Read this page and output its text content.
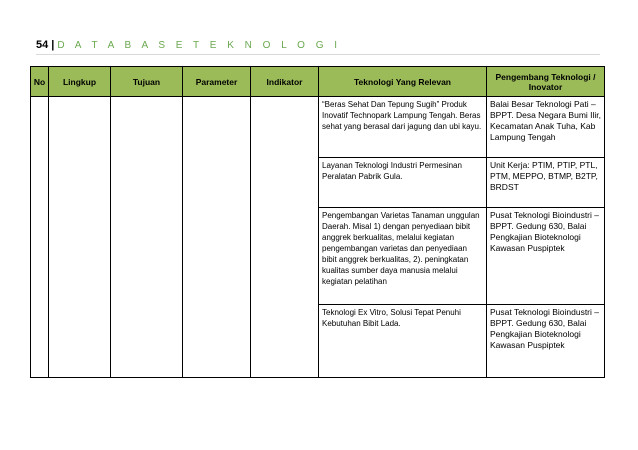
54 | D A T A B A S E T E K N O L O G I
No	Lingkup	Tujuan	Parameter	Indikator	Teknologi Yang Relevan	Pengembang Teknologi / Inovator
					“Beras Sehat Dan Tepung Sugih” Produk Inovatif Technopark Lampung Tengah. Beras sehat yang berasal dari jagung dan ubi kayu.	Balai Besar Teknologi Pati – BPPT. Desa Negara Bumi Ilir, Kecamatan Anak Tuha, Kab Lampung Tengah
					Layanan Teknologi Industri Permesinan Peralatan Pabrik Gula.	Unit Kerja: PTIM, PTIP, PTL, PTM, MEPPO, BTMP, B2TP, BRDST
					Pengembangan Varietas Tanaman unggulan Daerah. Misal 1) dengan penyediaan bibit anggrek berkualitas, melalui kegiatan pengembangan varietas dan penyediaan bibit anggrek berkualitas, 2). peningkatan kualitas sumber daya manusia melalui kegiatan pelatihan	Pusat Teknologi Bioindustri – BPPT. Gedung 630, Balai Pengkajian Bioteknologi Kawasan Puspiptek
					Teknologi Ex Vitro, Solusi Tepat Penuhi Kebutuhan Bibit Lada.	Pusat Teknologi Bioindustri – BPPT. Gedung 630, Balai Pengkajian Bioteknologi Kawasan Puspiptek
